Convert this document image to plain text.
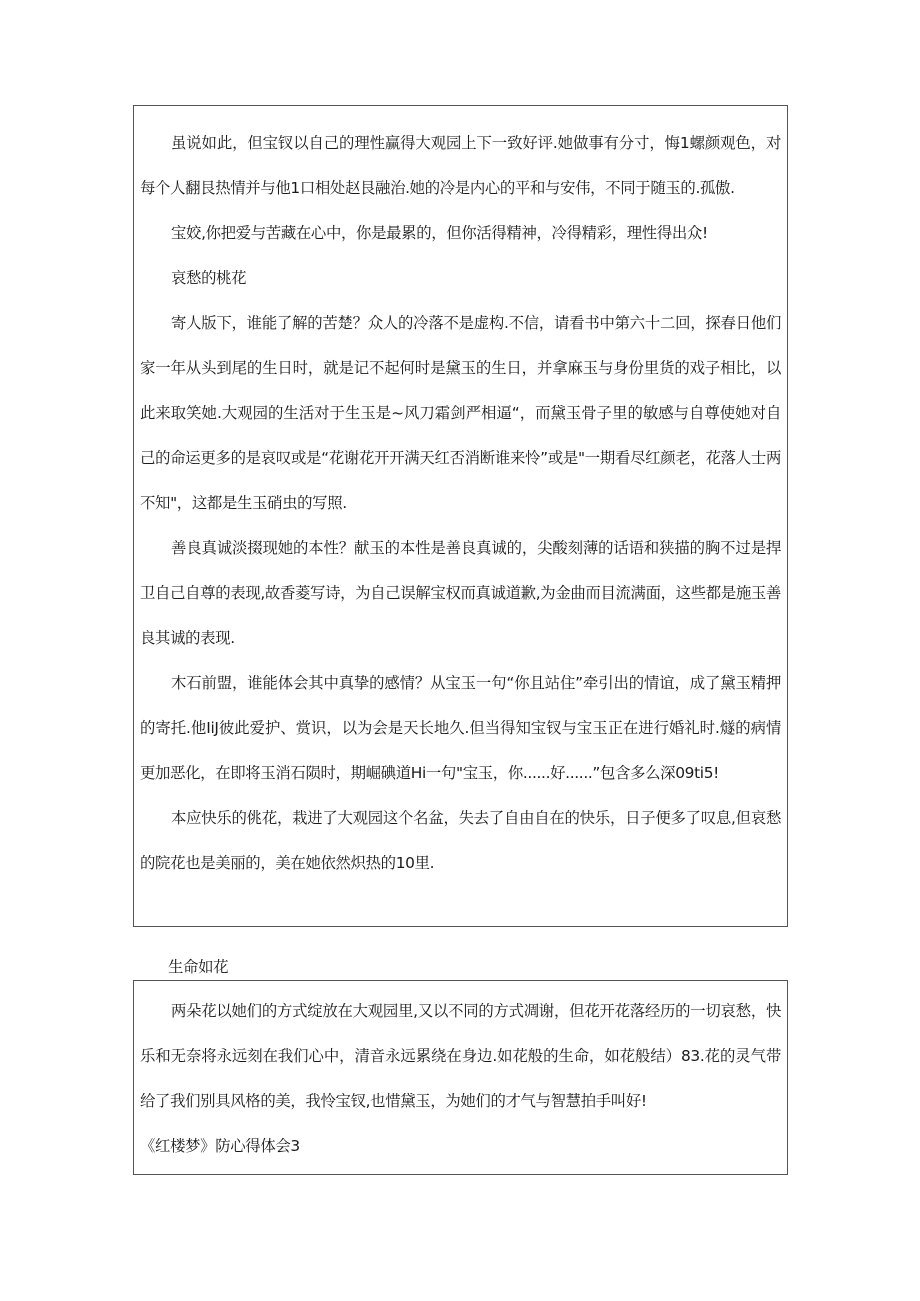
虽说如此，但宝钗以自己的理性赢得大观园上下一致好评.她做事有分寸，悔1螺颜观色，对每个人翻艮热情并与他1口相处赵艮融治.她的冷是内心的平和与安伟，不同于随玉的.孤傲.

宝姣,你把爱与苦藏在心中，你是最累的，但你活得精神，冷得精彩，理性得出众!

哀愁的桃花

寄人版下，谁能了解的苦楚？众人的冷落不是虚构.不信，请看书中第六十二回，探春日他们家一年从头到尾的生日时，就是记不起何时是黛玉的生日，并拿麻玉与身份里货的戏子相比，以此来取笑她.大观园的生活对于生玉是~风刀霜剑严相逼“，而黛玉骨子里的敏感与自尊使她对自己的命运更多的是哀叹或是“花谢花开开满天红否消断谁来怜”或是"一期看尽红颜老，花落人士两不知"，这都是生玉硝虫的写照.

善良真诚淡掇现她的本性？献玉的本性是善良真诚的，尖酸刻薄的话语和狭描的胸不过是捍卫自己自尊的表现,故香菱写诗，为自己误解宝权而真诚道歉,为金曲而目流满面，这些都是施玉善良其诚的表现.

木石前盟，谁能体会其中真挚的感情？从宝玉一句“你且站住”牵引出的情谊，成了黛玉精押的寄托.他IiJ彼此爱护、赏识，以为会是天长地久.但当得知宝钗与宝玉正在进行婚礼时.燧的病情更加恶化，在即将玉消石陨时，期崛碘道Hi一句"宝玉，你......好......”包含多么深09ti5!

本应快乐的佻花，栽进了大观园这个名盆，失去了自由自在的快乐，日子便多了叹息,但哀愁的院花也是美丽的，美在她依然炽热的10里.

生命如花

两朵花以她们的方式绽放在大观园里,又以不同的方式凋谢，但花开花落经历的一切哀愁，快乐和无奈将永远刻在我们心中，清音永远累绕在身边.如花般的生命，如花般结）83.花的灵气带给了我们别具风格的美，我怜宝钗,也惜黛玉，为她们的才气与智慧拍手叫好!

《红楼梦》防心得体会3
